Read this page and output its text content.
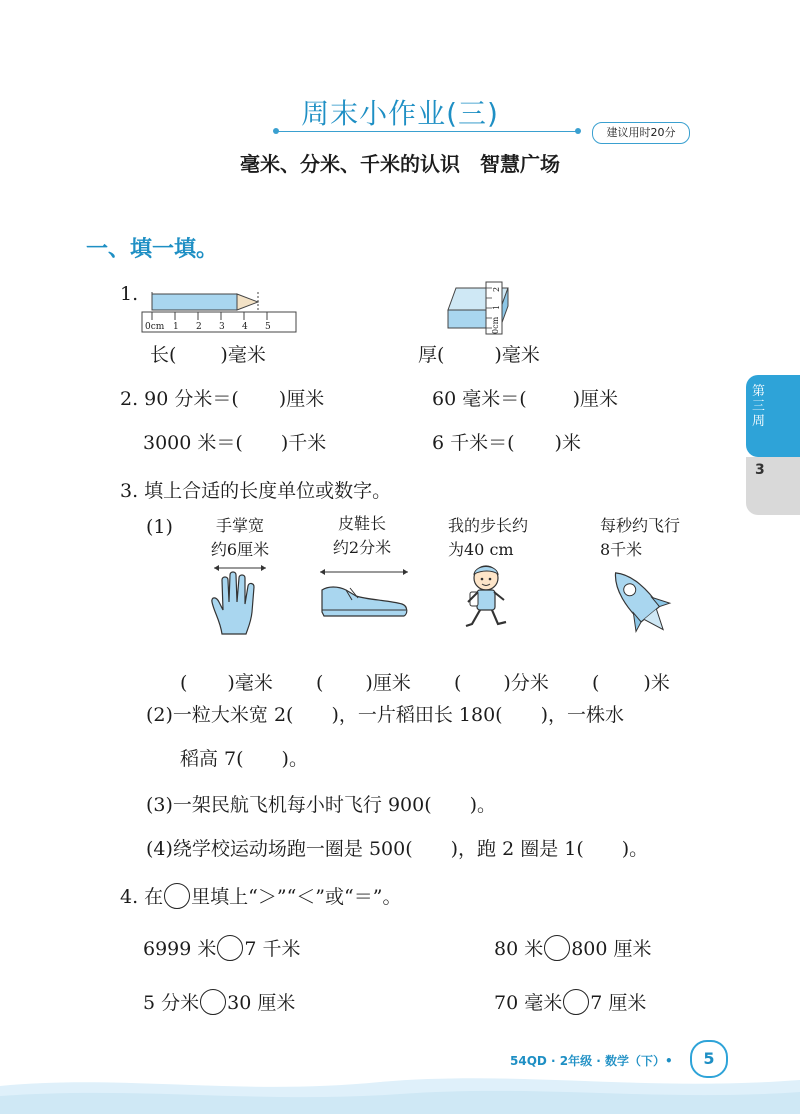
周末小作业(三)
建议用时20分
毫米、分米、千米的认识　智慧广场
一、填一填。
1.
0cm 1 2 3 4 5
长( )毫米
0cm
1
2
厚(	)毫米
2. 90 分米＝( )厘米	60 毫米＝( )厘米
3000 米＝( )千米	6 千米＝( )米
3. 填上合适的长度单位或数字。
(1)	手掌宽
约6厘米
皮鞋长
约2分米
我的步长约
为40 cm
每秒约飞行
8千米
( )毫米 ( )厘米 ( )分米 ( )米
(2)一粒大米宽 2(　　)，一片稻田长 180(　　)，一株水
稻高 7(　　)。
(3)一架民航飞机每小时飞行 900(　　)。
(4)绕学校运动场跑一圈是 500(　　)，跑 2 圈是 1(　　)。
4. 在 里填上“＞”“＜”或“＝”。
6999 米 7 千米	80 米 800 厘米
5 分米 30 厘米	70 毫米 7 厘米
第三周
3
54QD · 2年级 · 数学（下）•	5
